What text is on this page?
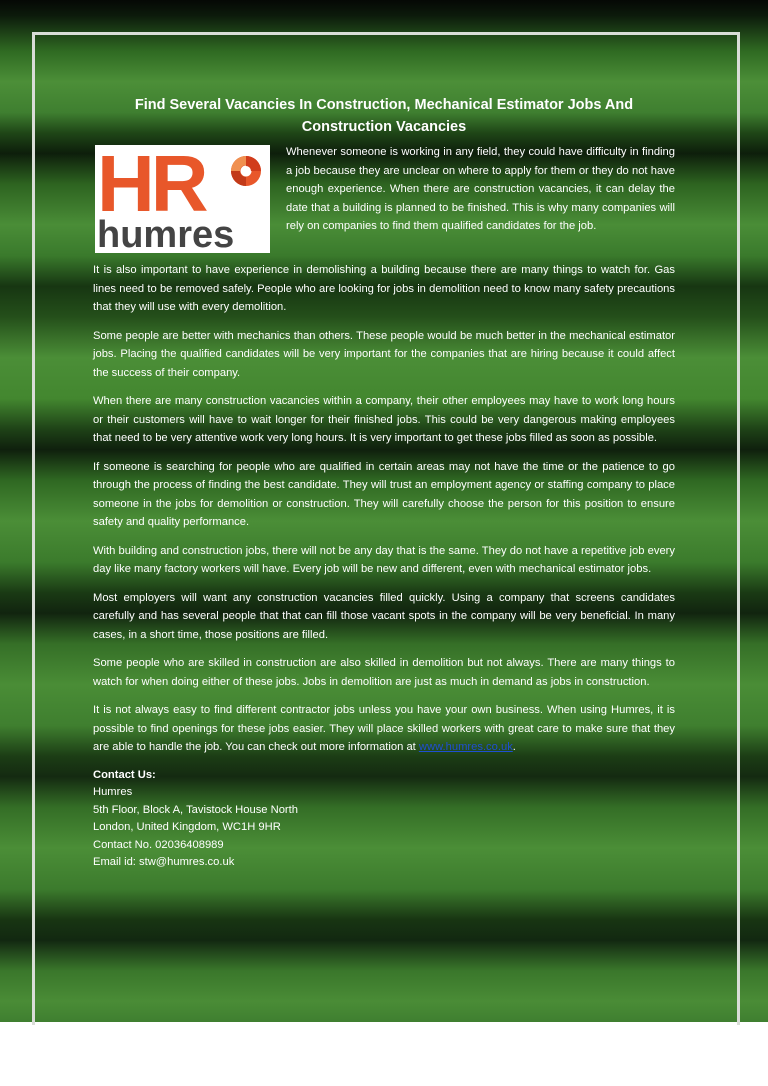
Find Several Vacancies In Construction, Mechanical Estimator Jobs And Construction Vacancies
HR
humres

Whenever someone is working in any field, they could have difficulty in finding a job because they are unclear on where to apply for them or they do not have enough experience. When there are construction vacancies, it can delay the date that a building is planned to be finished. This is why many companies will rely on companies to find them qualified candidates for the job.

It is also important to have experience in demolishing a building because there are many things to watch for. Gas lines need to be removed safely. People who are looking for jobs in demolition need to know many safety precautions that they will use with every demolition.

Some people are better with mechanics than others. These people would be much better in the mechanical estimator jobs. Placing the qualified candidates will be very important for the companies that are hiring because it could affect the success of their company.

When there are many construction vacancies within a company, their other employees may have to work long hours or their customers will have to wait longer for their finished jobs. This could be very dangerous making employees that need to be very attentive work very long hours. It is very important to get these jobs filled as soon as possible.

If someone is searching for people who are qualified in certain areas may not have the time or the patience to go through the process of finding the best candidate. They will trust an employment agency or staffing company to place someone in the jobs for demolition or construction. They will carefully choose the person for this position to ensure safety and quality performance.

With building and construction jobs, there will not be any day that is the same. They do not have a repetitive job every day like many factory workers will have. Every job will be new and different, even with mechanical estimator jobs.

Most employers will want any construction vacancies filled quickly. Using a company that screens candidates carefully and has several people that that can fill those vacant spots in the company will be very beneficial. In many cases, in a short time, those positions are filled.

Some people who are skilled in construction are also skilled in demolition but not always. There are many things to watch for when doing either of these jobs. Jobs in demolition are just as much in demand as jobs in construction.

It is not always easy to find different contractor jobs unless you have your own business. When using Humres, it is possible to find openings for these jobs easier. They will place skilled workers with great care to make sure that they are able to handle the job. You can check out more information at www.humres.co.uk.

Contact Us:
Humres
5th Floor, Block A, Tavistock House North
London, United Kingdom, WC1H 9HR
Contact No. 02036408989
Email id: stw@humres.co.uk
